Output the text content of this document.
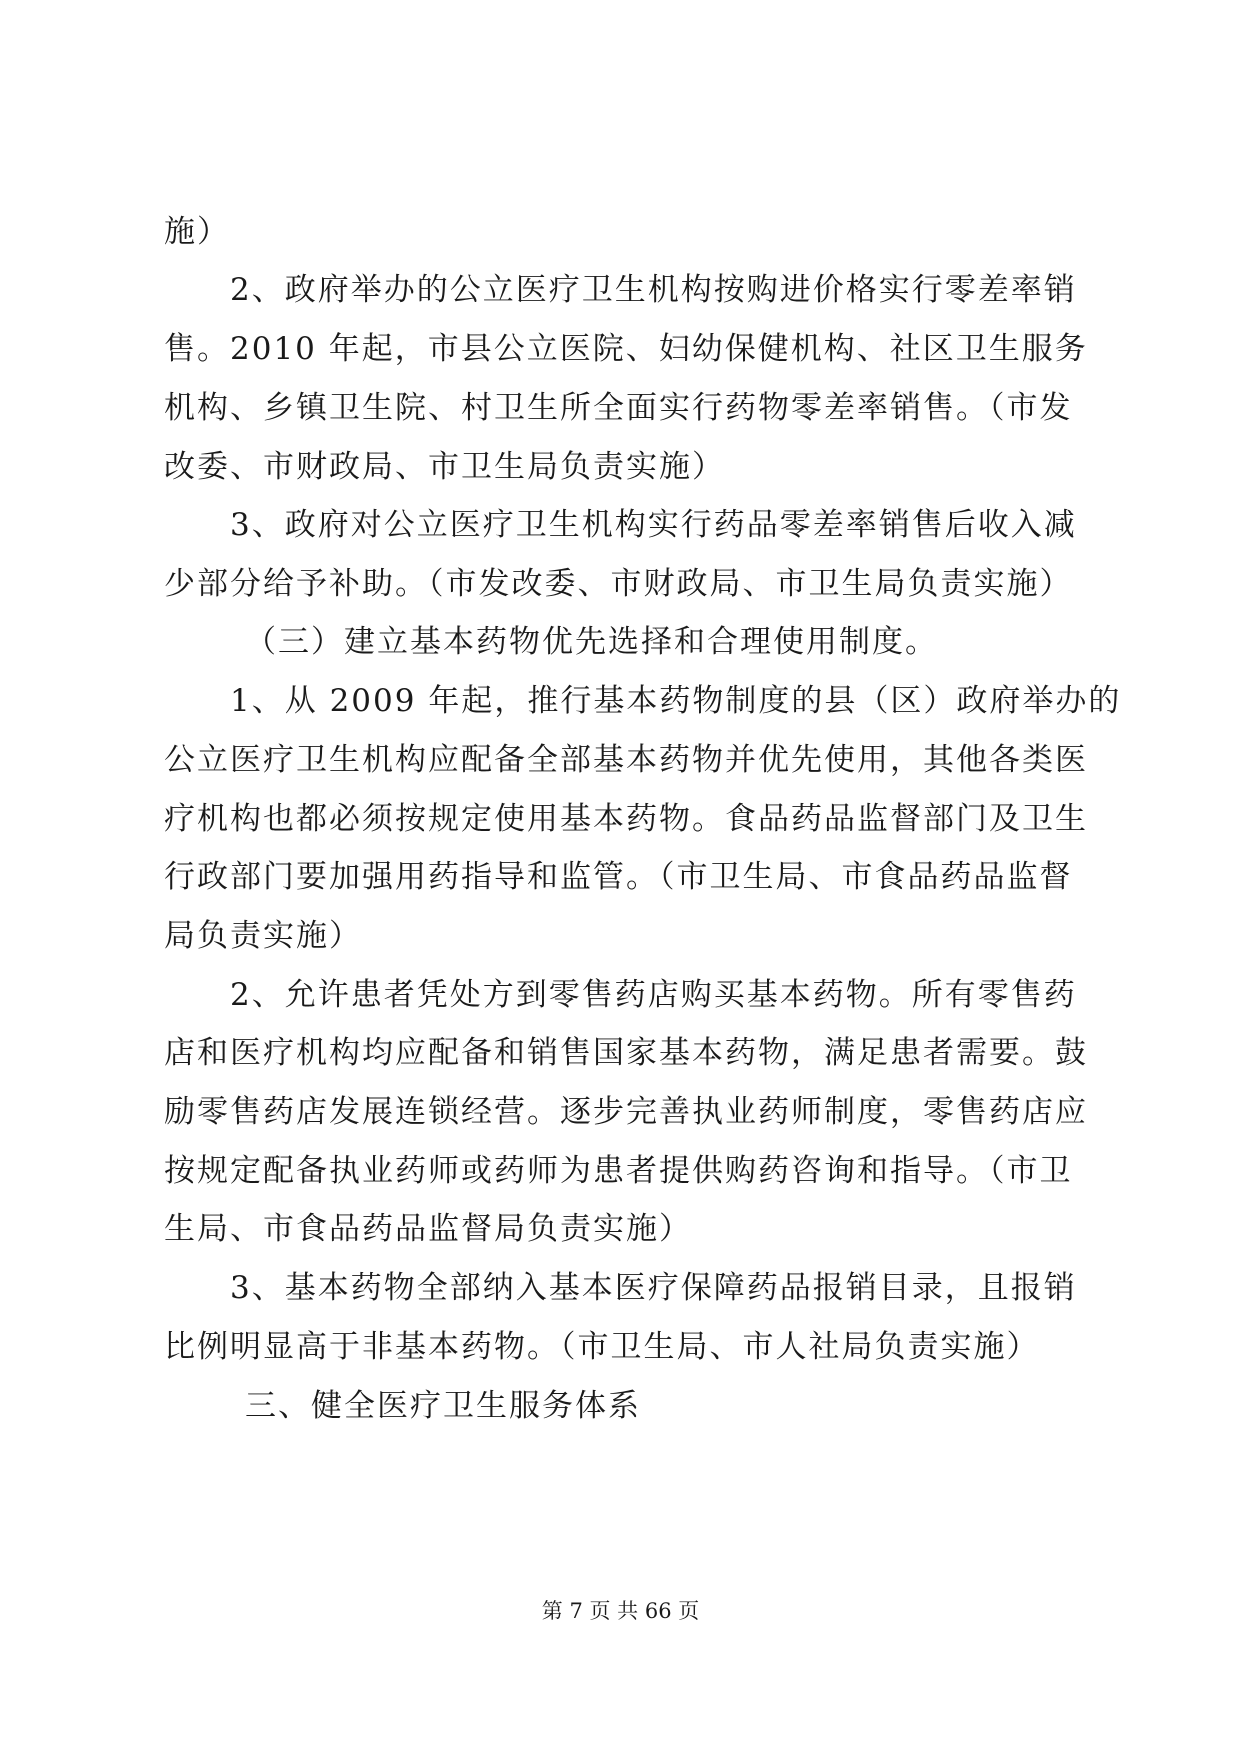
施）
2、政府举办的公立医疗卫生机构按购进价格实行零差率销
售。2010 年起，市县公立医院、妇幼保健机构、社区卫生服务
机构、乡镇卫生院、村卫生所全面实行药物零差率销售。（市发
改委、市财政局、市卫生局负责实施）
3、政府对公立医疗卫生机构实行药品零差率销售后收入减
少部分给予补助。（市发改委、市财政局、市卫生局负责实施）
（三）建立基本药物优先选择和合理使用制度。
1、从 2009 年起，推行基本药物制度的县（区）政府举办的
公立医疗卫生机构应配备全部基本药物并优先使用，其他各类医
疗机构也都必须按规定使用基本药物。食品药品监督部门及卫生
行政部门要加强用药指导和监管。（市卫生局、市食品药品监督
局负责实施）
2、允许患者凭处方到零售药店购买基本药物。所有零售药
店和医疗机构均应配备和销售国家基本药物，满足患者需要。鼓
励零售药店发展连锁经营。逐步完善执业药师制度，零售药店应
按规定配备执业药师或药师为患者提供购药咨询和指导。（市卫
生局、市食品药品监督局负责实施）
3、基本药物全部纳入基本医疗保障药品报销目录，且报销
比例明显高于非基本药物。（市卫生局、市人社局负责实施）
三、健全医疗卫生服务体系
第 7 页 共 66 页
